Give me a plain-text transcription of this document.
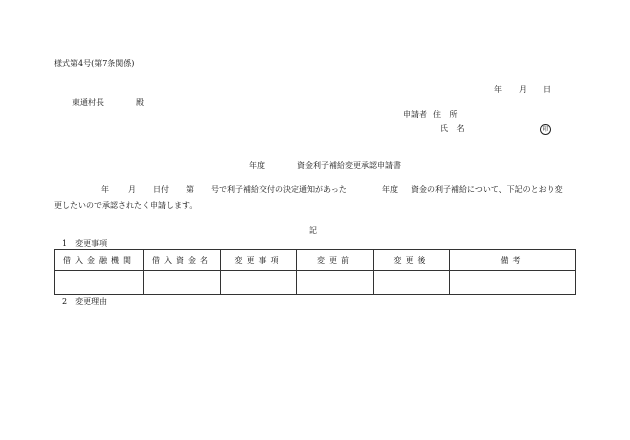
様式第4号(第7条関係)
年 月 日
東通村長	殿
申請者 住 所
氏 名	印
年度	資金利子補給変更承認申請書
年 月 日付 第 号で利子補給交付の決定通知があった	年度 資金の利子補給について、下記のとおり変
更したいので承認されたく申請します。
記
1　変更事項
借入金融機関	借入資金名	変更事項	変更前	変更後	備考

2　変更理由
